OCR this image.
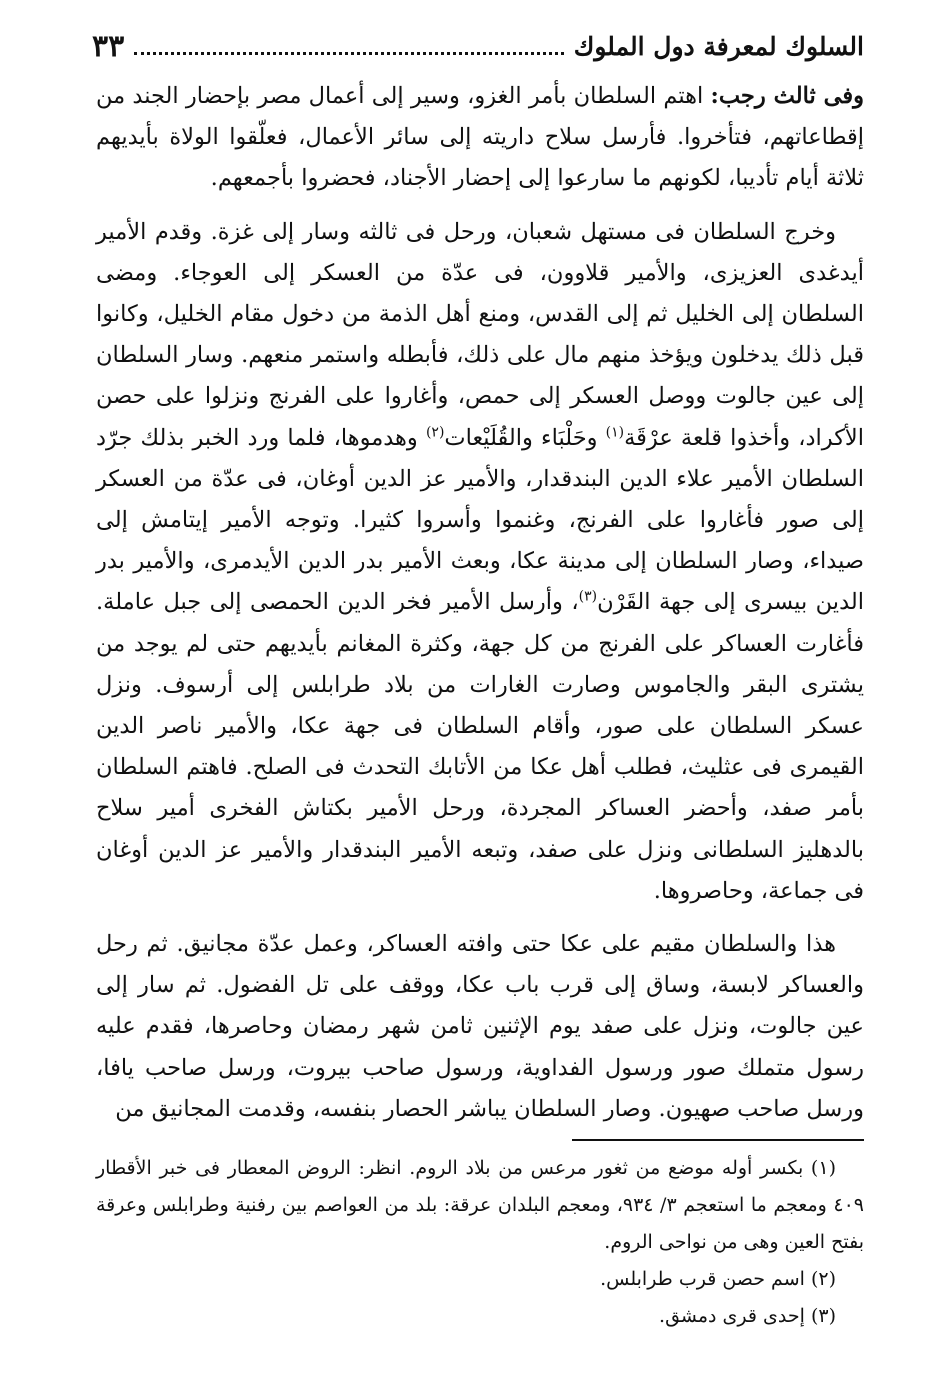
السلوك لمعرفة دول الملوك
٣٣

وفى ثالث رجب: اهتم السلطان بأمر الغزو، وسير إلى أعمال مصر بإحضار الجند من إقطاعاتهم، فتأخروا. فأرسل سلاح داريته إلى سائر الأعمال، فعلّقوا الولاة بأيديهم ثلاثة أيام تأديبا، لكونهم ما سارعوا إلى إحضار الأجناد، فحضروا بأجمعهم.

وخرج السلطان فى مستهل شعبان، ورحل فى ثالثه وسار إلى غزة. وقدم الأمير أيدغدى العزيزى، والأمير قلاوون، فى عدّة من العسكر إلى العوجاء. ومضى السلطان إلى الخليل ثم إلى القدس، ومنع أهل الذمة من دخول مقام الخليل، وكانوا قبل ذلك يدخلون ويؤخذ منهم مال على ذلك، فأبطله واستمر منعهم. وسار السلطان إلى عين جالوت ووصل العسكر إلى حمص، وأغاروا على الفرنج ونزلوا على حصن الأكراد، وأخذوا قلعة عرْقَة$^{(١)}$ وحَلْبَاء والقُلَيْعات$^{(٢)}$ وهدموها، فلما ورد الخبر بذلك جرّد السلطان الأمير علاء الدين البندقدار، والأمير عز الدين أوغان، فى عدّة من العسكر إلى صور فأغاروا على الفرنج، وغنموا وأسروا كثيرا. وتوجه الأمير إيتامش إلى صيداء، وصار السلطان إلى مدينة عكا، وبعث الأمير بدر الدين الأيدمرى، والأمير بدر الدين بيسرى إلى جهة القَرْن$^{(٣)}$، وأرسل الأمير فخر الدين الحمصى إلى جبل عاملة. فأغارت العساكر على الفرنج من كل جهة، وكثرة المغانم بأيديهم حتى لم يوجد من يشترى البقر والجاموس وصارت الغارات من بلاد طرابلس إلى أرسوف. ونزل عسكر السلطان على صور، وأقام السلطان فى جهة عكا، والأمير ناصر الدين القيمرى فى عثليث، فطلب أهل عكا من الأتابك التحدث فى الصلح. فاهتم السلطان بأمر صفد، وأحضر العساكر المجردة، ورحل الأمير بكتاش الفخرى أمير سلاح بالدهليز السلطانى ونزل على صفد، وتبعه الأمير البندقدار والأمير عز الدين أوغان فى جماعة، وحاصروها.

هذا والسلطان مقيم على عكا حتى وافته العساكر، وعمل عدّة مجانيق. ثم رحل والعساكر لابسة، وساق إلى قرب باب عكا، ووقف على تل الفضول. ثم سار إلى عين جالوت، ونزل على صفد يوم الإثنين ثامن شهر رمضان وحاصرها، فقدم عليه رسول متملك صور ورسول الفداوية، ورسول صاحب بيروت، ورسل صاحب يافا، ورسل صاحب صهيون. وصار السلطان يباشر الحصار بنفسه، وقدمت المجانيق من

(١) بكسر أوله موضع من ثغور مرعس من بلاد الروم. انظر: الروض المعطار فى خبر الأقطار ٤٠٩ ومعجم ما استعجم ٣/ ٩٣٤، ومعجم البلدان عرقة: بلد من العواصم بين رفنية وطرابلس وعرقة بفتح العين وهى من نواحى الروم.

(٢) اسم حصن قرب طرابلس.

(٣) إحدى قرى دمشق.
